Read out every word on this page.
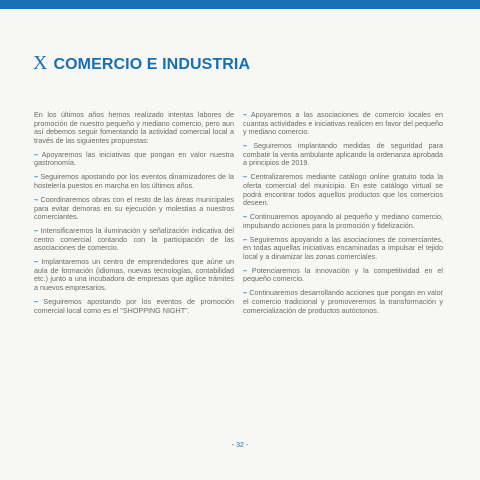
X COMERCIO E INDUSTRIA

En los últimos años hemos realizado intentas labores de promoción de nuestro pequeño y mediano comercio, pero aun así debemos seguir fomentando la actividad comercial local a través de las siguientes propuestas:

– Apoyaremos las iniciativas que pongan en valor nuestra gastronomía.

– Seguiremos apostando por los eventos dinamizadores de la hostelería puestos en marcha en los últimos años.

– Coordinaremos obras con el resto de las áreas municipales para evitar demoras en su ejecución y molestias a nuestros comerciantes.

– Intensificaremos la iluminación y señalización indicativa del centro comercial contando con la participación de las asociaciones de comercio.

– Implantaremos un centro de emprendedores que aúne un aula de formación (idiomas, nuevas tecnologías, contabilidad etc.) junto a una incubadora de empresas que agilice trámites a nuevos empresarios.

– Seguiremos apostando por los eventos de promoción comercial local como es el "SHOPPING NIGHT".

– Apoyaremos a las asociaciones de comercio locales en cuantas actividades e iniciativas realicen en favor del pequeño y mediano comercio.

– Seguiremos implantando medidas de seguridad para combatir la venta ambulante aplicando la ordenanza aprobada a principios de 2019.

– Centralizaremos mediante catálogo online gratuito toda la oferta comercial del municipio. En este catálogo virtual se podrá encontrar todos aquellos productos que los comercios deseen.

– Continuaremos apoyando al pequeño y mediano comercio, impulsando acciones para la promoción y fidelización.

– Seguiremos apoyando a las asociaciones de comerciantes, en todas aquellas iniciativas encaminadas a impulsar el tejido local y a dinamizar las zonas comerciales.

– Potenciaremos la innovación y la competitividad en el pequeño comercio.

– Continuaremos desarrollando acciones que pongan en valor el comercio tradicional y promoveremos la transformación y comercialización de productos autóctonos.

- 32 -
